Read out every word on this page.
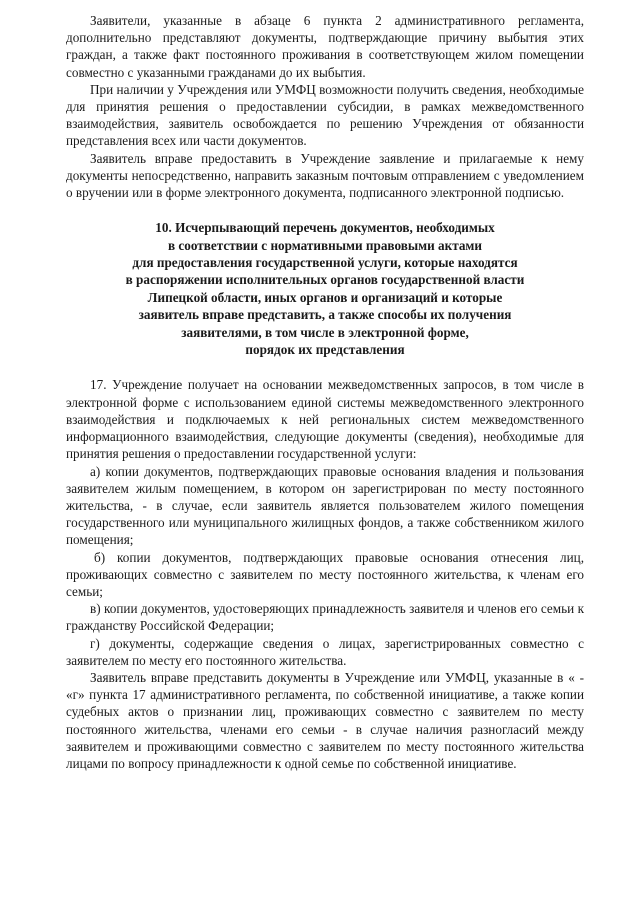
Заявители, указанные в абзаце 6 пункта 2 административного регламента, дополнительно представляют документы, подтверждающие причину выбытия этих граждан, а также факт постоянного проживания в соответствующем жилом помещении совместно с указанными гражданами до их выбытия.

При наличии у Учреждения или УМФЦ возможности получить сведения, необходимые для принятия решения о предоставлении субсидии, в рамках межведомственного взаимодействия, заявитель освобождается по решению Учреждения от обязанности представления всех или части документов.

Заявитель вправе предоставить в Учреждение заявление и прилагаемые к нему документы непосредственно, направить заказным почтовым отправлением с уведомлением о вручении или в форме электронного документа, подписанного электронной подписью.

10. Исчерпывающий перечень документов, необходимых
в соответствии с нормативными правовыми актами
для предоставления государственной услуги, которые находятся
в распоряжении исполнительных органов государственной власти
Липецкой области, иных органов и организаций и которые
заявитель вправе представить, а также способы их получения
заявителями, в том числе в электронной форме,
порядок их представления

17. Учреждение получает на основании межведомственных запросов, в том числе в электронной форме с использованием единой системы межведомственного электронного взаимодействия и подключаемых к ней региональных систем межведомственного информационного взаимодействия, следующие документы (сведения), необходимые для принятия решения о предоставлении государственной услуги:

а) копии документов, подтверждающих правовые основания владения и пользования заявителем жилым помещением, в котором он зарегистрирован по месту постоянного жительства, - в случае, если заявитель является пользователем жилого помещения государственного или муниципального жилищных фондов, а также собственником жилого помещения;

б) копии документов, подтверждающих правовые основания отнесения лиц, проживающих совместно с заявителем по месту постоянного жительства, к членам его семьи;

в) копии документов, удостоверяющих принадлежность заявителя и членов его семьи к гражданству Российской Федерации;

г) документы, содержащие сведения о лицах, зарегистрированных совместно с заявителем по месту его постоянного жительства.

Заявитель вправе представить документы в Учреждение или УМФЦ, указанные в « - «г» пункта 17 административного регламента, по собственной инициативе, а также копии судебных актов о признании лиц, проживающих совместно с заявителем по месту постоянного жительства, членами его семьи - в случае наличия разногласий между заявителем и проживающими совместно с заявителем по месту постоянного жительства лицами по вопросу принадлежности к одной семье по собственной инициативе.
